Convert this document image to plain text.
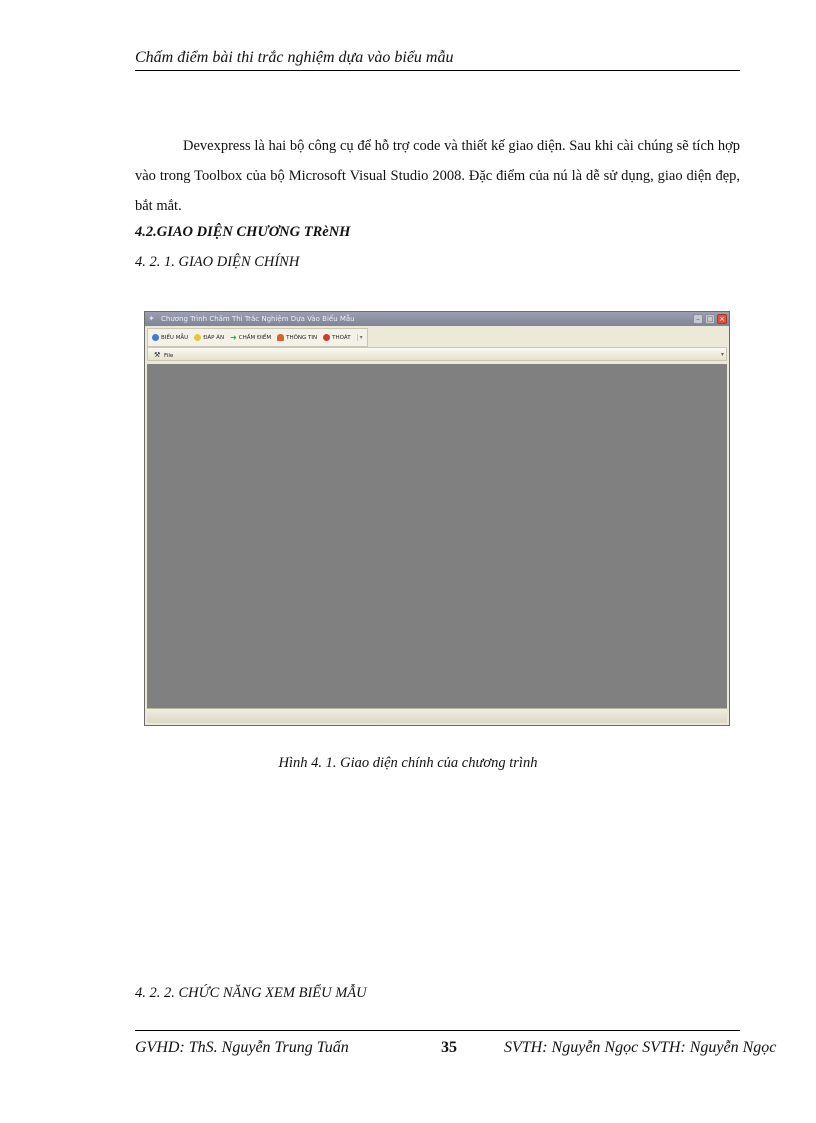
Chấm điểm bài thi trắc nghiệm dựa vào biểu mẫu

Devexpress là hai bộ công cụ để hỗ trợ code và thiết kế giao diện. Sau khi cài chúng sẽ tích hợp vào trong Toolbox của bộ Microsoft Visual Studio 2008. Đặc điểm của nú là dễ sử dụng, giao diện đẹp, bắt mắt.

4.2.GIAO DIỆN CHƯƠNG TRèNH
4. 2. 1. GIAO DIỆN CHÍNH
✦ Chương Trình Chấm Thi Trắc Nghiệm Dựa Vào Biểu Mẫu	– □ ×
BIỂU MẪU	ĐÁP ÁN ➜ CHẤM ĐIỂM	THÔNG TIN	THOÁT	▾
⚒ File	▾
Hình 4. 1. Giao diện chính của chương trình
4. 2. 2. CHỨC NĂNG XEM BIỂU MẪU
GVHD: ThS. Nguyễn Trung Tuấn	35	SVTH: Nguyễn Ngọc SVTH: Nguyễn Ngọc
